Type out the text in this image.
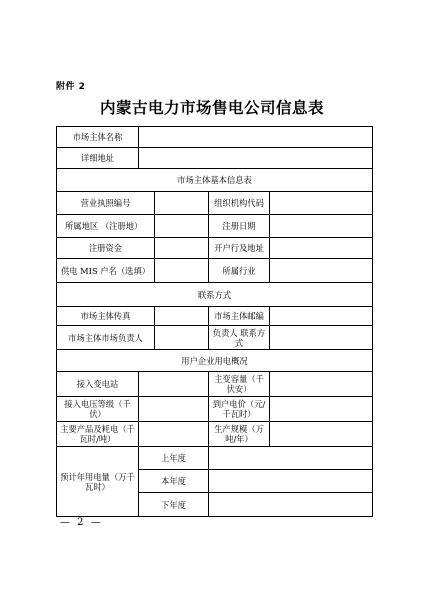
附件 2
内蒙古电力市场售电公司信息表
市场主体名称				
详细地址				
市场主体基本信息表				
营业执照编号			组织机构代码	
所属地区 （注册地）			注册日期	
注册资金			开户行及地址	
供电 MIS 户名（选填）			所属行业	
联系方式				
市场主体传真			市场主体邮编	
市场主体市场负责人			负责人 联系方式	
用户企业用电概况				
接入变电站			主变容量（千伏安）	
接入电压等级（千伏）			到户电价（元/千瓦时）	
主要产品及耗电（千瓦时/吨）			生产规模（万吨/年）	
预计年用电量（万千瓦时）	上年度			
	本年度			
	下年度			
— 2 —
